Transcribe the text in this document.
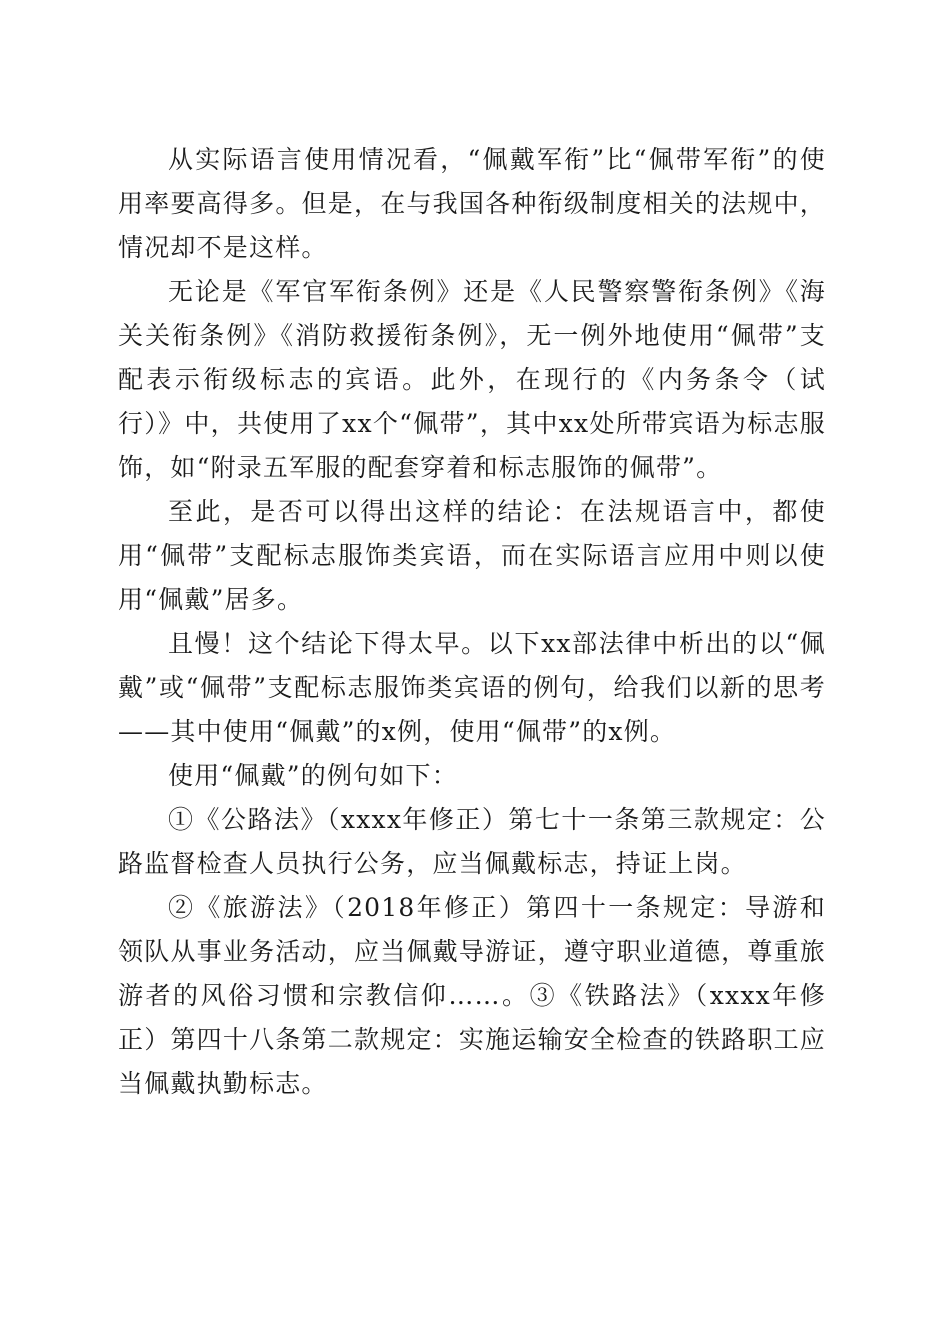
从实际语言使用情况看，“佩戴军衔”比“佩带军衔”的使用率要高得多。但是，在与我国各种衔级制度相关的法规中，情况却不是这样。

无论是《军官军衔条例》还是《人民警察警衔条例》《海关关衔条例》《消防救援衔条例》，无一例外地使用“佩带”支配表示衔级标志的宾语。此外，在现行的《内务条令（试行）》中，共使用了xx个“佩带”，其中xx处所带宾语为标志服饰，如“附录五军服的配套穿着和标志服饰的佩带”。

至此，是否可以得出这样的结论：在法规语言中，都使用“佩带”支配标志服饰类宾语，而在实际语言应用中则以使用“佩戴”居多。

且慢！这个结论下得太早。以下xx部法律中析出的以“佩戴”或“佩带”支配标志服饰类宾语的例句，给我们以新的思考——其中使用“佩戴”的x例，使用“佩带”的x例。

使用“佩戴”的例句如下：

①《公路法》（xxxx年修正）第七十一条第三款规定：公路监督检查人员执行公务，应当佩戴标志，持证上岗。

②《旅游法》（2018年修正）第四十一条规定：导游和领队从事业务活动，应当佩戴导游证，遵守职业道德，尊重旅游者的风俗习惯和宗教信仰……。③《铁路法》（xxxx年修正）第四十八条第二款规定：实施运输安全检查的铁路职工应当佩戴执勤标志。
